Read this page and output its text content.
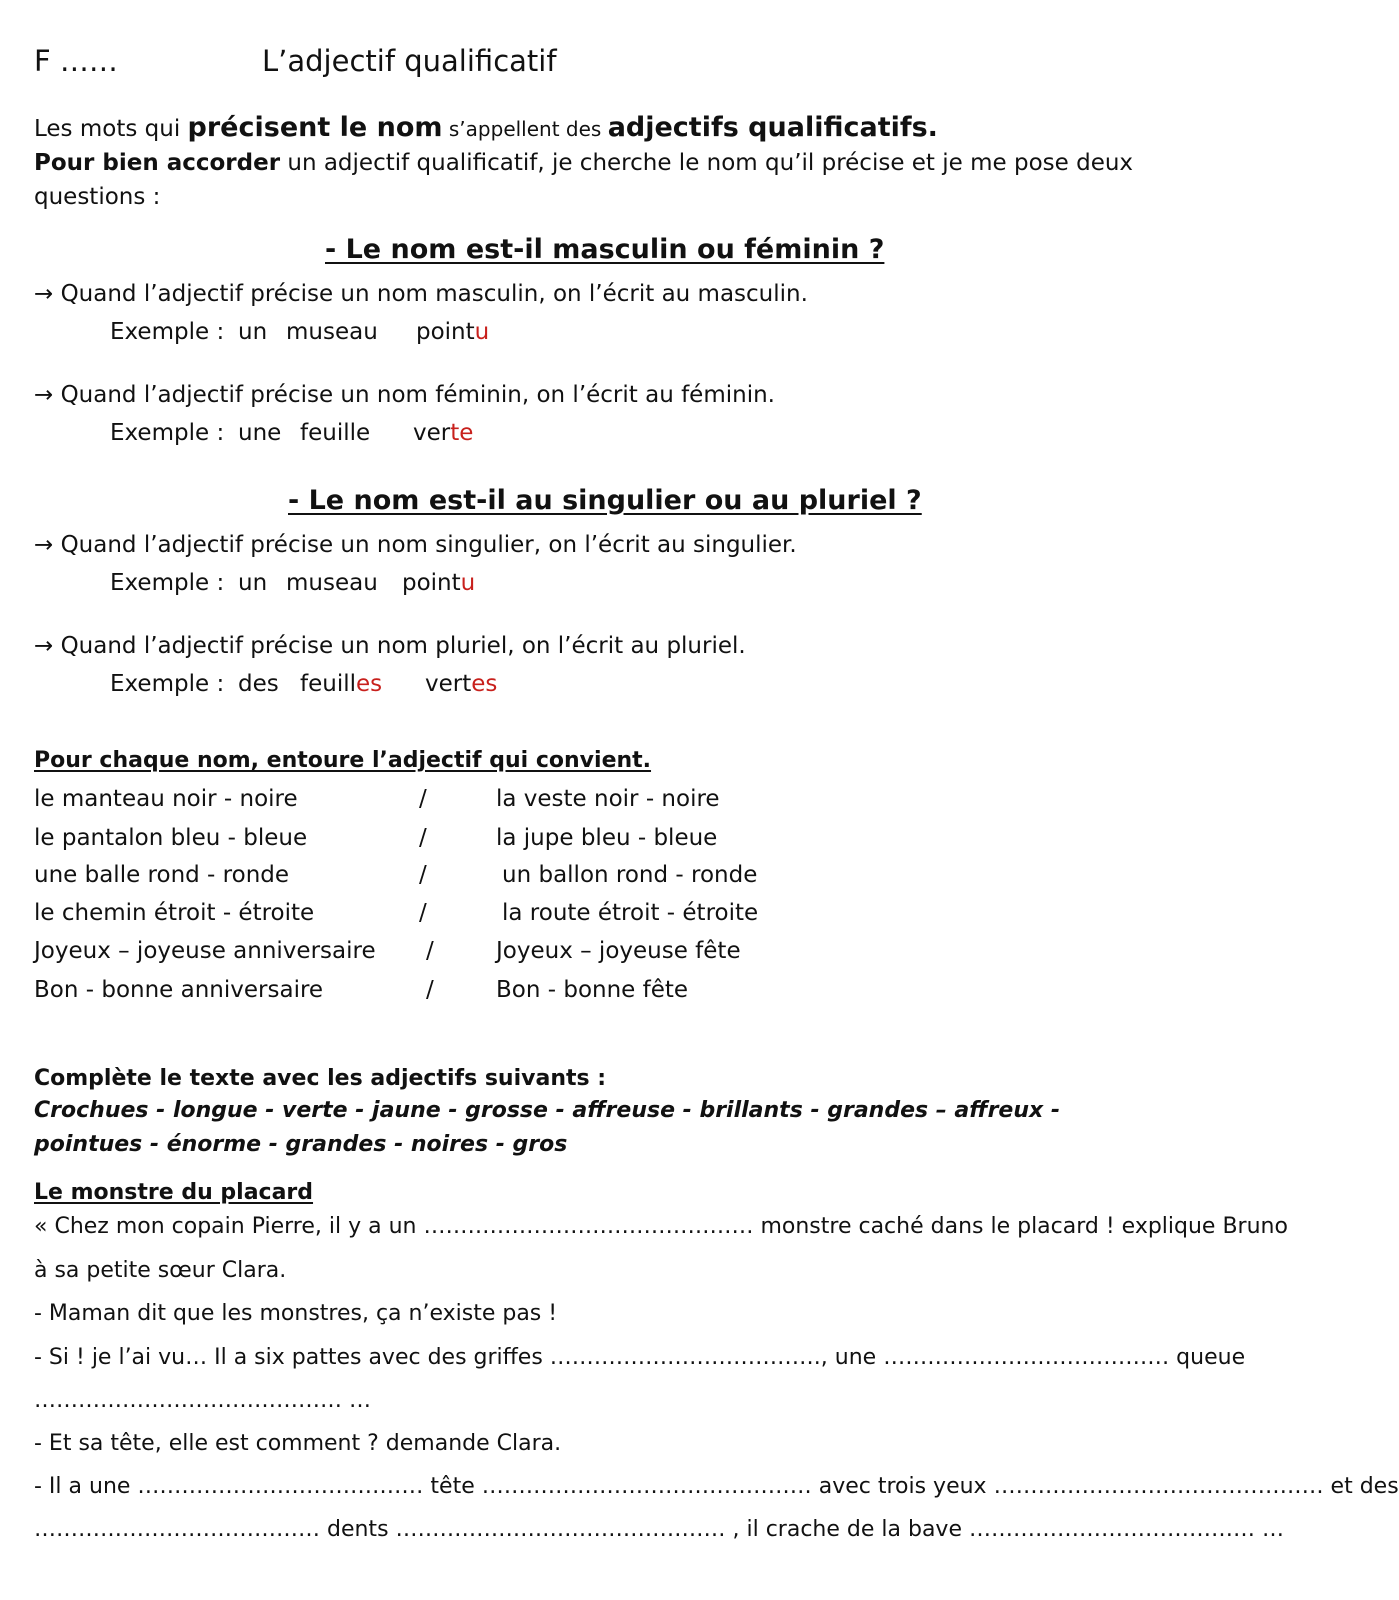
F ……	L’adjectif qualificatif
Les mots qui précisent le nom s’appellent des adjectifs qualificatifs.
Pour bien accorder un adjectif qualificatif, je cherche le nom qu’il précise et je me pose deux
questions :
- Le nom est-il masculin ou féminin ?
→ Quand l’adjectif précise un nom masculin, on l’écrit au masculin.
Exemple : un museau pointu
→ Quand l’adjectif précise un nom féminin, on l’écrit au féminin.
Exemple : une feuille verte
- Le nom est-il au singulier ou au pluriel ?
→ Quand l’adjectif précise un nom singulier, on l’écrit au singulier.
Exemple : un museau pointu
→ Quand l’adjectif précise un nom pluriel, on l’écrit au pluriel.
Exemple : des feuilles vertes
Pour chaque nom, entoure l’adjectif qui convient.
le manteau noir - noire	/	la veste noir - noire
le pantalon bleu - bleue	/	la jupe bleu - bleue
une balle rond - ronde	/	un ballon rond - ronde
le chemin étroit - étroite	/	la route étroit - étroite
Joyeux – joyeuse anniversaire /	Joyeux – joyeuse fête
Bon - bonne anniversaire	/	Bon - bonne fête
Complète le texte avec les adjectifs suivants :
Crochues - longue - verte - jaune - grosse - affreuse - brillants - grandes – affreux -
pointues - énorme - grandes - noires - gros
Le monstre du placard
« Chez mon copain Pierre, il y a un ……………………………………… monstre caché dans le placard ! explique Bruno
à sa petite sœur Clara.
- Maman dit que les monstres, ça n’existe pas !
- Si ! je l’ai vu… Il a six pattes avec des griffes ………………………………., une ………………………………… queue
…………………………………… …
- Et sa tête, elle est comment ? demande Clara.
- Il a une ………………………………… tête ……………………………………… avec trois yeux ……………………………………… et des
………………………………… dents ……………………………………… , il crache de la bave ………………………………… …
